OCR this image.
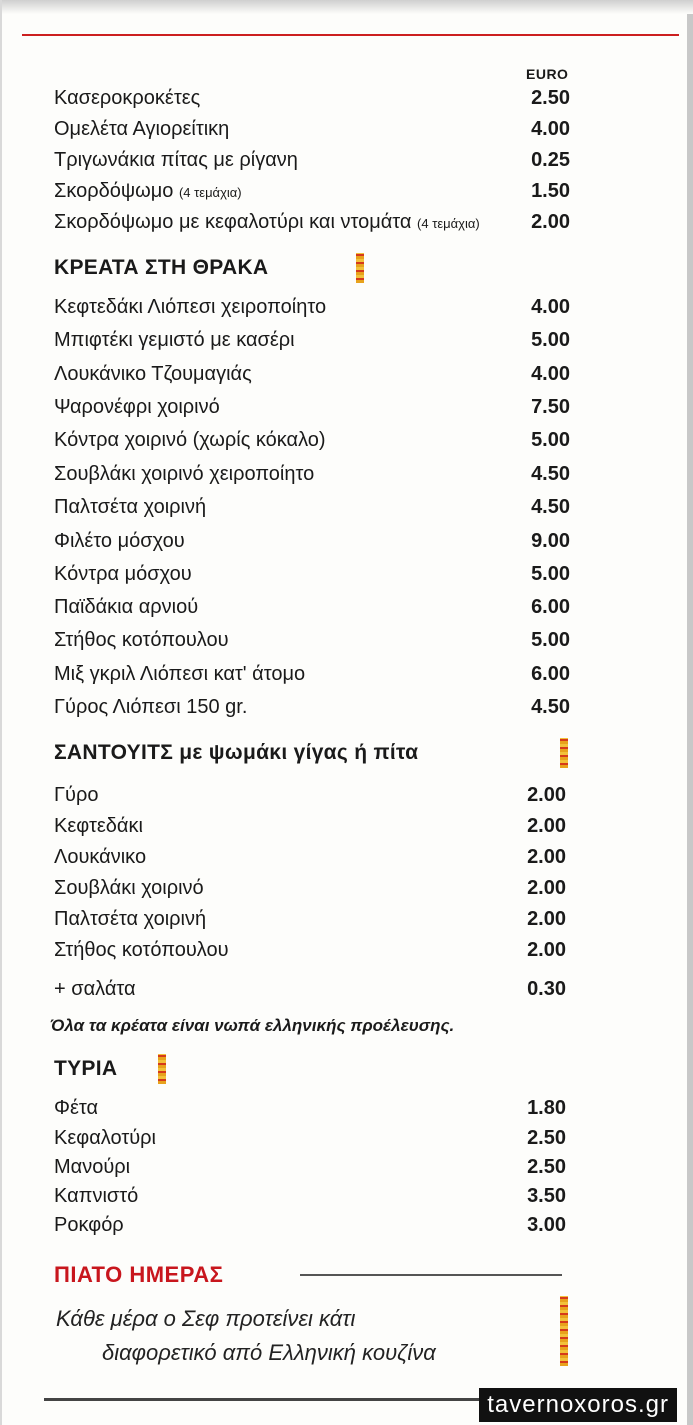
EURO
Κασεροκροκέτες	2.50
Ομελέτα Αγιορείτικη	4.00
Τριγωνάκια πίτας με ρίγανη	0.25
Σκορδόψωμο (4 τεμάχια)	1.50
Σκορδόψωμο με κεφαλοτύρι και ντομάτα (4 τεμάχια)	2.00
ΚΡΕΑΤΑ ΣΤΗ ΘΡΑΚΑ
Κεφτεδάκι Λιόπεσι χειροποίητο	4.00
Μπιφτέκι γεμιστό με κασέρι	5.00
Λουκάνικο Τζουμαγιάς	4.00
Ψαρονέφρι χοιρινό	7.50
Κόντρα χοιρινό (χωρίς κόκαλο)	5.00
Σουβλάκι χοιρινό χειροποίητο	4.50
Παλτσέτα χοιρινή	4.50
Φιλέτο μόσχου	9.00
Κόντρα μόσχου	5.00
Παϊδάκια αρνιού	6.00
Στήθος κοτόπουλου	5.00
Μιξ γκριλ Λιόπεσι κατ' άτομο	6.00
Γύρος Λιόπεσι 150 gr.	4.50
ΣΑΝΤΟΥΙΤΣ με ψωμάκι γίγας ή πίτα
Γύρο	2.00
Κεφτεδάκι	2.00
Λουκάνικο	2.00
Σουβλάκι χοιρινό	2.00
Παλτσέτα χοιρινή	2.00
Στήθος κοτόπουλου	2.00
+ σαλάτα	0.30
Όλα τα κρέατα είναι νωπά ελληνικής προέλευσης.
ΤΥΡΙΑ
Φέτα	1.80
Κεφαλοτύρι	2.50
Μανούρι	2.50
Καπνιστό	3.50
Ροκφόρ	3.00
ΠΙΑΤΟ ΗΜΕΡΑΣ
Κάθε μέρα ο Σεφ προτείνει κάτι
διαφορετικό από Ελληνική κουζίνα
tavernoxoros.gr
